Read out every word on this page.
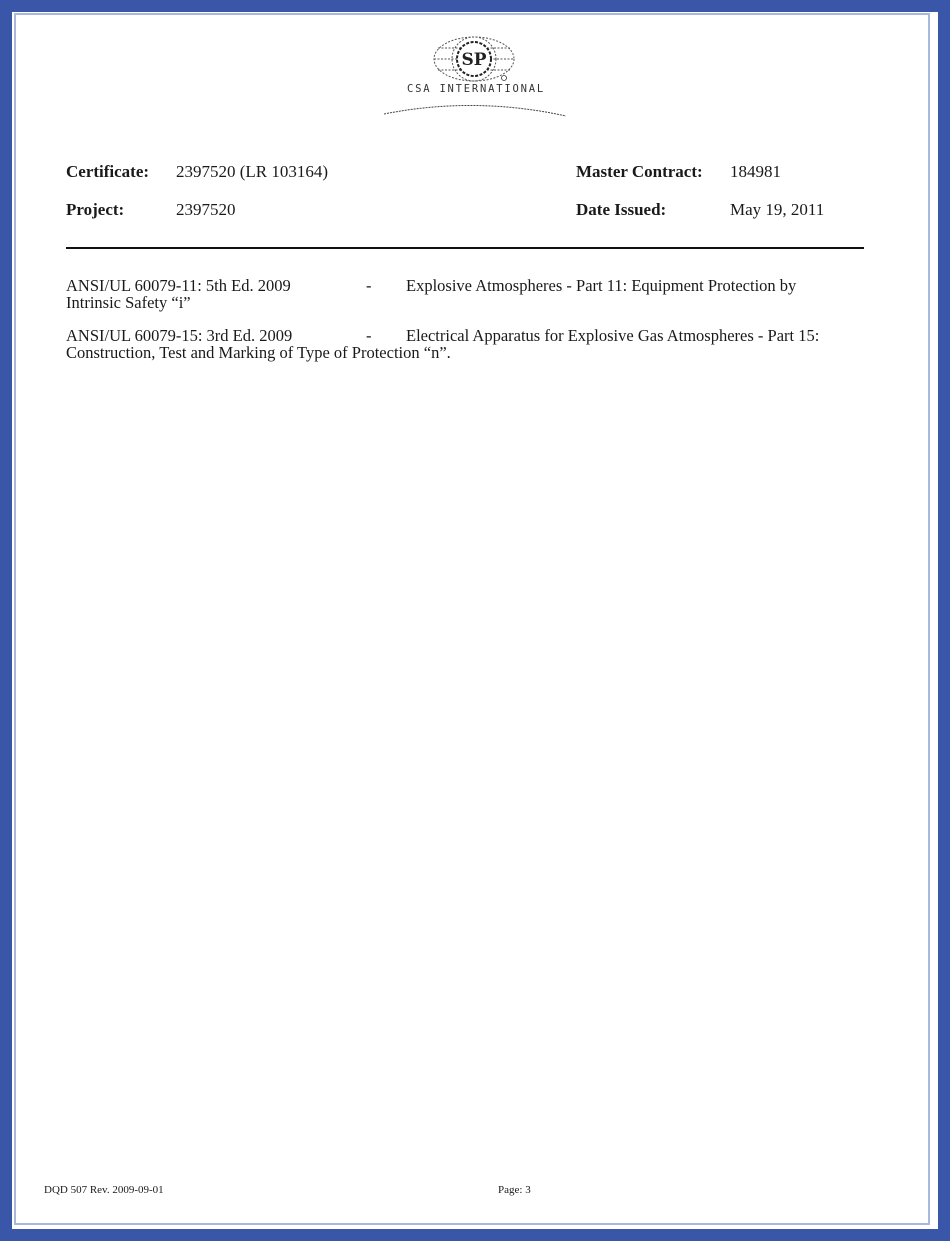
SP
CSA INTERNATIONAL
Certificate: 2397520 (LR 103164)	Master Contract: 184981
Project:	2397520	Date Issued:	May 19, 2011
ANSI/UL 60079-11: 5th Ed. 2009	- Explosive Atmospheres - Part 11: Equipment Protection by
Intrinsic Safety “i”
ANSI/UL 60079-15: 3rd Ed. 2009	- Electrical Apparatus for Explosive Gas Atmospheres - Part 15:
Construction, Test and Marking of Type of Protection “n”.
DQD 507 Rev. 2009-09-01	Page: 3
